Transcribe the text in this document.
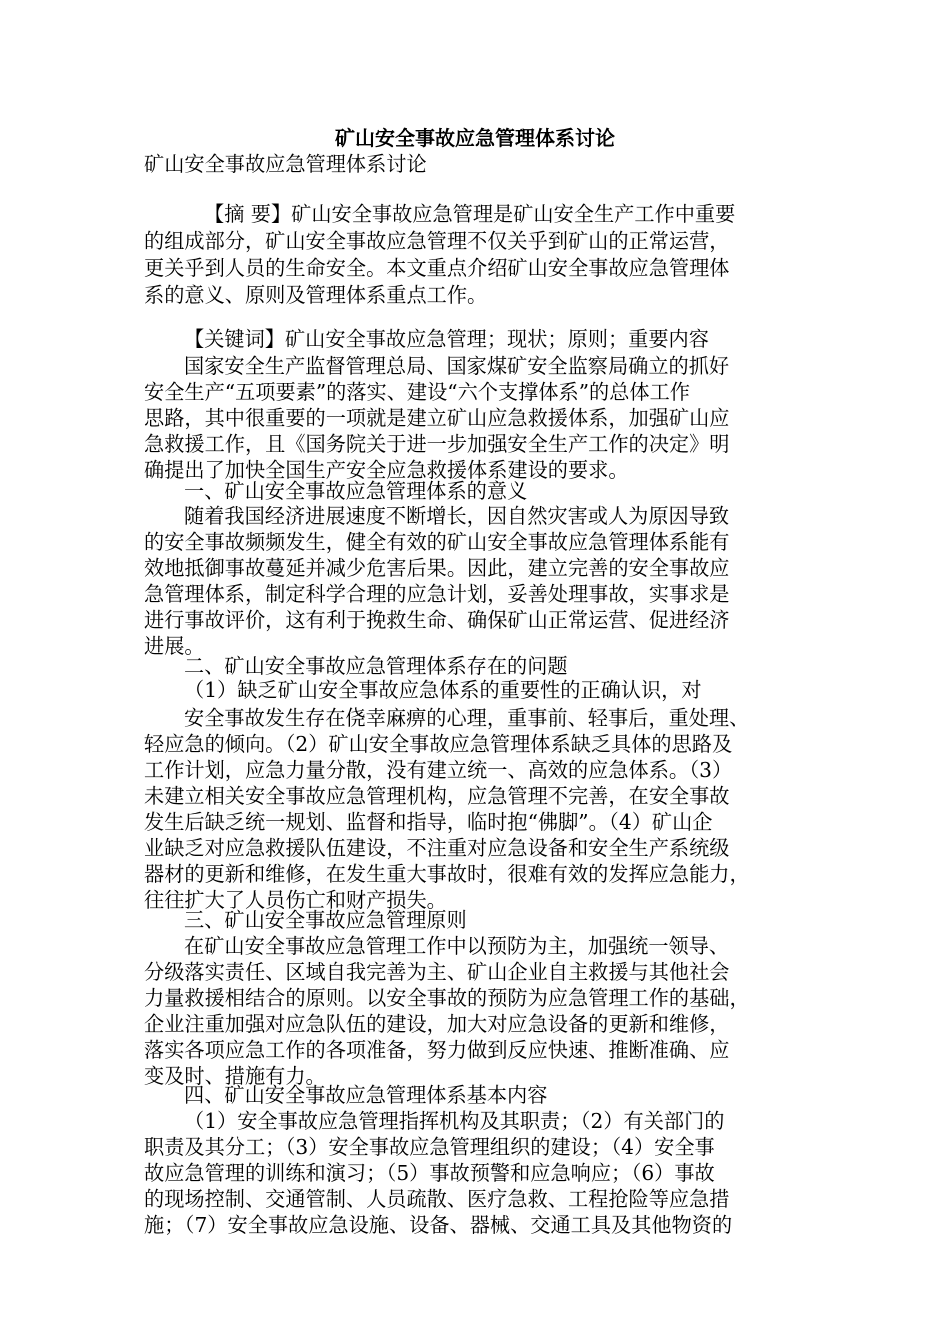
矿山安全事故应急管理体系讨论
矿山安全事故应急管理体系讨论
【摘 要】矿山安全事故应急管理是矿山安全生产工作中重要
的组成部分，矿山安全事故应急管理不仅关乎到矿山的正常运营，
更关乎到人员的生命安全。本文重点介绍矿山安全事故应急管理体
系的意义、原则及管理体系重点工作。
【关键词】矿山安全事故应急管理；现状；原则；重要内容
国家安全生产监督管理总局、国家煤矿安全监察局确立的抓好
安全生产“五项要素”的落实、建设“六个支撑体系”的总体工作
思路，其中很重要的一项就是建立矿山应急救援体系，加强矿山应
急救援工作，且《国务院关于进一步加强安全生产工作的决定》明
确提出了加快全国生产安全应急救援体系建设的要求。
一、矿山安全事故应急管理体系的意义
随着我国经济进展速度不断增长，因自然灾害或人为原因导致
的安全事故频频发生，健全有效的矿山安全事故应急管理体系能有
效地抵御事故蔓延并减少危害后果。因此，建立完善的安全事故应
急管理体系，制定科学合理的应急计划，妥善处理事故，实事求是
进行事故评价，这有利于挽救生命、确保矿山正常运营、促进经济
进展。
二、矿山安全事故应急管理体系存在的问题
（1）缺乏矿山安全事故应急体系的重要性的正确认识，对
安全事故发生存在侥幸麻痹的心理，重事前、轻事后，重处理、
轻应急的倾向。（2）矿山安全事故应急管理体系缺乏具体的思路及
工作计划，应急力量分散，没有建立统一、高效的应急体系。（3）
未建立相关安全事故应急管理机构，应急管理不完善，在安全事故
发生后缺乏统一规划、监督和指导，临时抱“佛脚”。（4）矿山企
业缺乏对应急救援队伍建设，不注重对应急设备和安全生产系统级
器材的更新和维修，在发生重大事故时，很难有效的发挥应急能力，
往往扩大了人员伤亡和财产损失。
三、矿山安全事故应急管理原则
在矿山安全事故应急管理工作中以预防为主，加强统一领导、
分级落实责任、区域自我完善为主、矿山企业自主救援与其他社会
力量救援相结合的原则。以安全事故的预防为应急管理工作的基础，
企业注重加强对应急队伍的建设，加大对应急设备的更新和维修，
落实各项应急工作的各项准备，努力做到反应快速、推断准确、应
变及时、措施有力。
四、矿山安全事故应急管理体系基本内容
（1）安全事故应急管理指挥机构及其职责；（2）有关部门的
职责及其分工；（3）安全事故应急管理组织的建设；（4）安全事
故应急管理的训练和演习；（5）事故预警和应急响应；（6）事故
的现场控制、交通管制、人员疏散、医疗急救、工程抢险等应急措
施；（7）安全事故应急设施、设备、器械、交通工具及其他物资的
